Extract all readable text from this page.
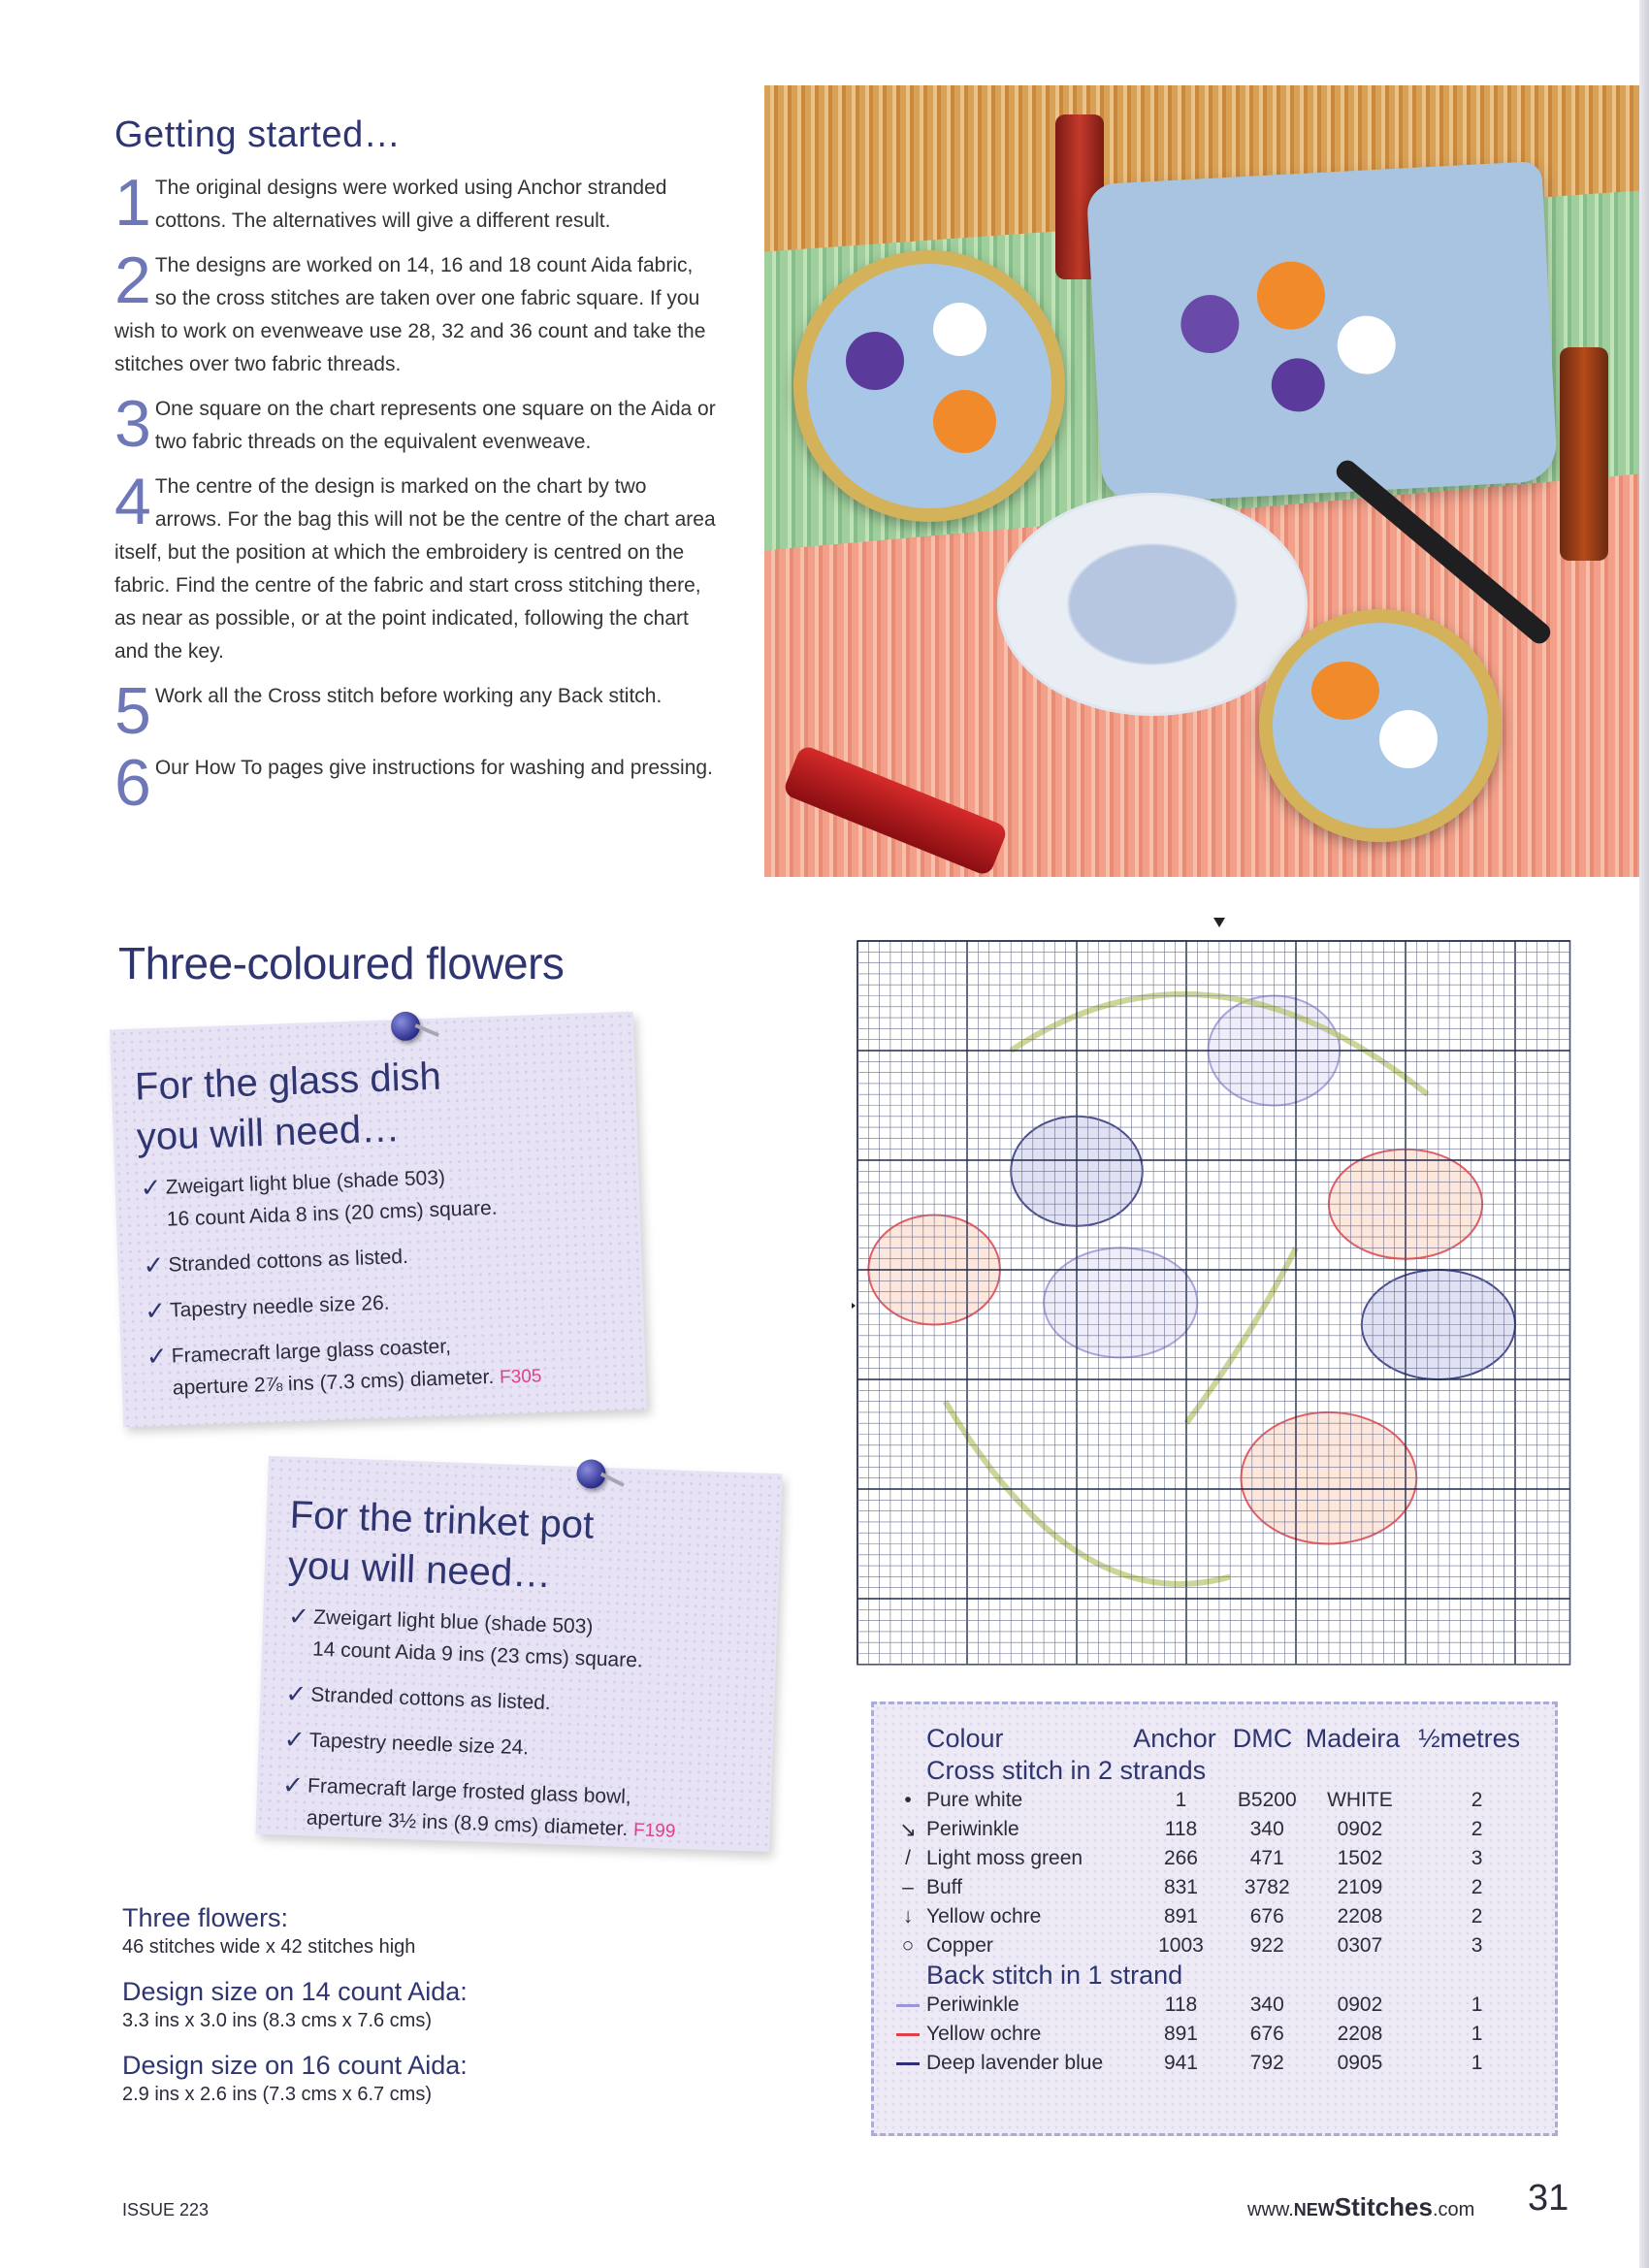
Getting started…
1 The original designs were worked using Anchor stranded cottons. The alternatives will give a different result.
2 The designs are worked on 14, 16 and 18 count Aida fabric, so the cross stitches are taken over one fabric square. If you wish to work on evenweave use 28, 32 and 36 count and take the stitches over two fabric threads.
3 One square on the chart represents one square on the Aida or two fabric threads on the equivalent evenweave.
4 The centre of the design is marked on the chart by two arrows. For the bag this will not be the centre of the chart area itself, but the position at which the embroidery is centred on the fabric. Find the centre of the fabric and start cross stitching there, as near as possible, or at the point indicated, following the chart and the key.
5 Work all the Cross stitch before working any Back stitch.
6 Our How To pages give instructions for washing and pressing.
Three-coloured flowers
For the glass dish
you will need…
✓ Zweigart light blue (shade 503)
16 count Aida 8 ins (20 cms) square.
✓ Stranded cottons as listed.
✓ Tapestry needle size 26.
✓ Framecraft large glass coaster,
aperture 2⅞ ins (7.3 cms) diameter. F305
For the trinket pot
you will need…
✓ Zweigart light blue (shade 503)
14 count Aida 9 ins (23 cms) square.
✓ Stranded cottons as listed.
✓ Tapestry needle size 24.
✓ Framecraft large frosted glass bowl,
aperture 3½ ins (8.9 cms) diameter. F199
Three flowers:
46 stitches wide x 42 stitches high
Design size on 14 count Aida:
3.3 ins x 3.0 ins (8.3 cms x 7.6 cms)
Design size on 16 count Aida:
2.9 ins x 2.6 ins (7.3 cms x 6.7 cms)
	Colour	Anchor	DMC	Madeira	½metres
	Cross stitch in 2 strands				
•	Pure white	1	B5200	WHITE	2
↘	Periwinkle	118	340	0902	2
/	Light moss green	266	471	1502	3
–	Buff	831	3782	2109	2
↓	Yellow ochre	891	676	2208	2
○	Copper	1003	922	0307	3
	Back stitch in 1 strand				
	Periwinkle	118	340	0902	1
	Yellow ochre	891	676	2208	1
	Deep lavender blue	941	792	0905	1
ISSUE 223	www.NEWStitches.com 31
